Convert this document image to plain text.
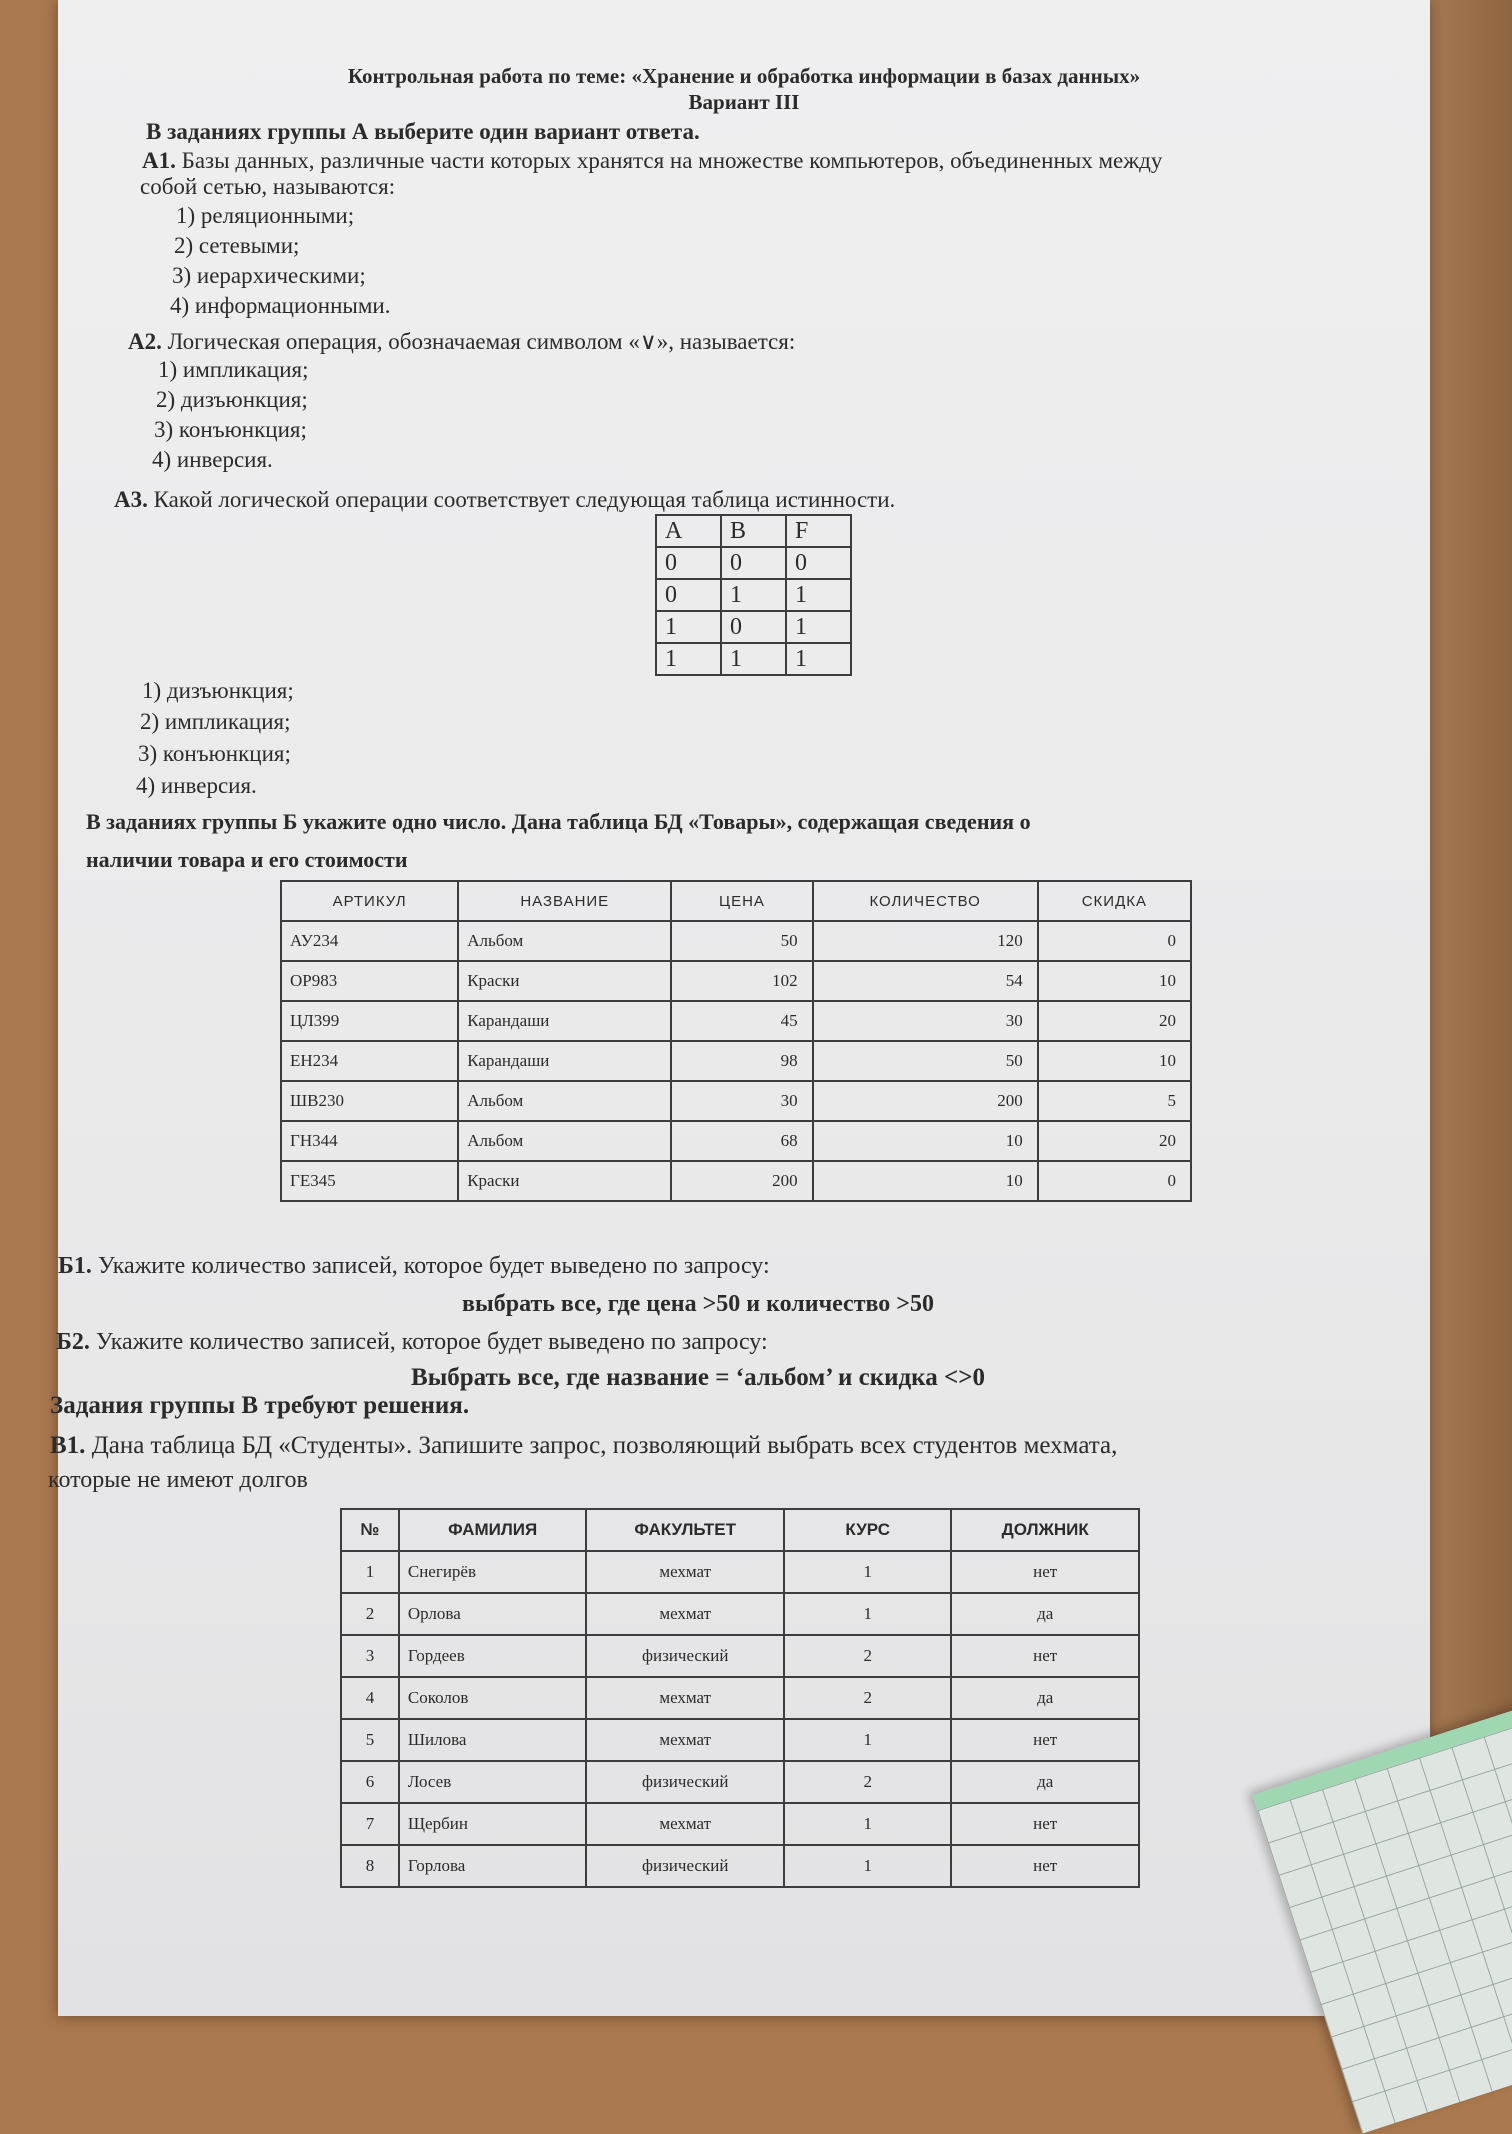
Контрольная работа по теме: «Хранение и обработка информации в базах данных»
Вариант III
В заданиях группы А выберите один вариант ответа.
А1. Базы данных, различные части которых хранятся на множестве компьютеров, объединенных между
собой сетью, называются:
1) реляционными;
2) сетевыми;
3) иерархическими;
4) информационными.
А2. Логическая операция, обозначаемая символом «∨», называется:
1) импликация;
2) дизъюнкция;
3) конъюнкция;
4) инверсия.
А3. Какой логической операции соответствует следующая таблица истинности.
A	B	F
0	0	0
0	1	1
1	0	1
1	1	1
1) дизъюнкция;
2) импликация;
3) конъюнкция;
4) инверсия.
В заданиях группы Б укажите одно число. Дана таблица БД «Товары», содержащая сведения о
наличии товара и его стоимости
АРТИКУЛ	НАЗВАНИЕ	ЦЕНА	КОЛИЧЕСТВО	СКИДКА
АУ234	Альбом	50	120	0
ОР983	Краски	102	54	10
ЦЛ399	Карандаши	45	30	20
ЕН234	Карандаши	98	50	10
ШВ230	Альбом	30	200	5
ГН344	Альбом	68	10	20
ГЕ345	Краски	200	10	0
Б1. Укажите количество записей, которое будет выведено по запросу:
выбрать все, где цена >50 и количество >50
Б2. Укажите количество записей, которое будет выведено по запросу:
Выбрать все, где название = ‘альбом’ и скидка <>0
Задания группы В требуют решения.
В1. Дана таблица БД «Студенты». Запишите запрос, позволяющий выбрать всех студентов мехмата,
которые не имеют долгов
№	ФАМИЛИЯ	ФАКУЛЬТЕТ	КУРС	ДОЛЖНИК
1	Снегирёв	мехмат	1	нет
2	Орлова	мехмат	1	да
3	Гордеев	физический	2	нет
4	Соколов	мехмат	2	да
5	Шилова	мехмат	1	нет
6	Лосев	физический	2	да
7	Щербин	мехмат	1	нет
8	Горлова	физический	1	нет
